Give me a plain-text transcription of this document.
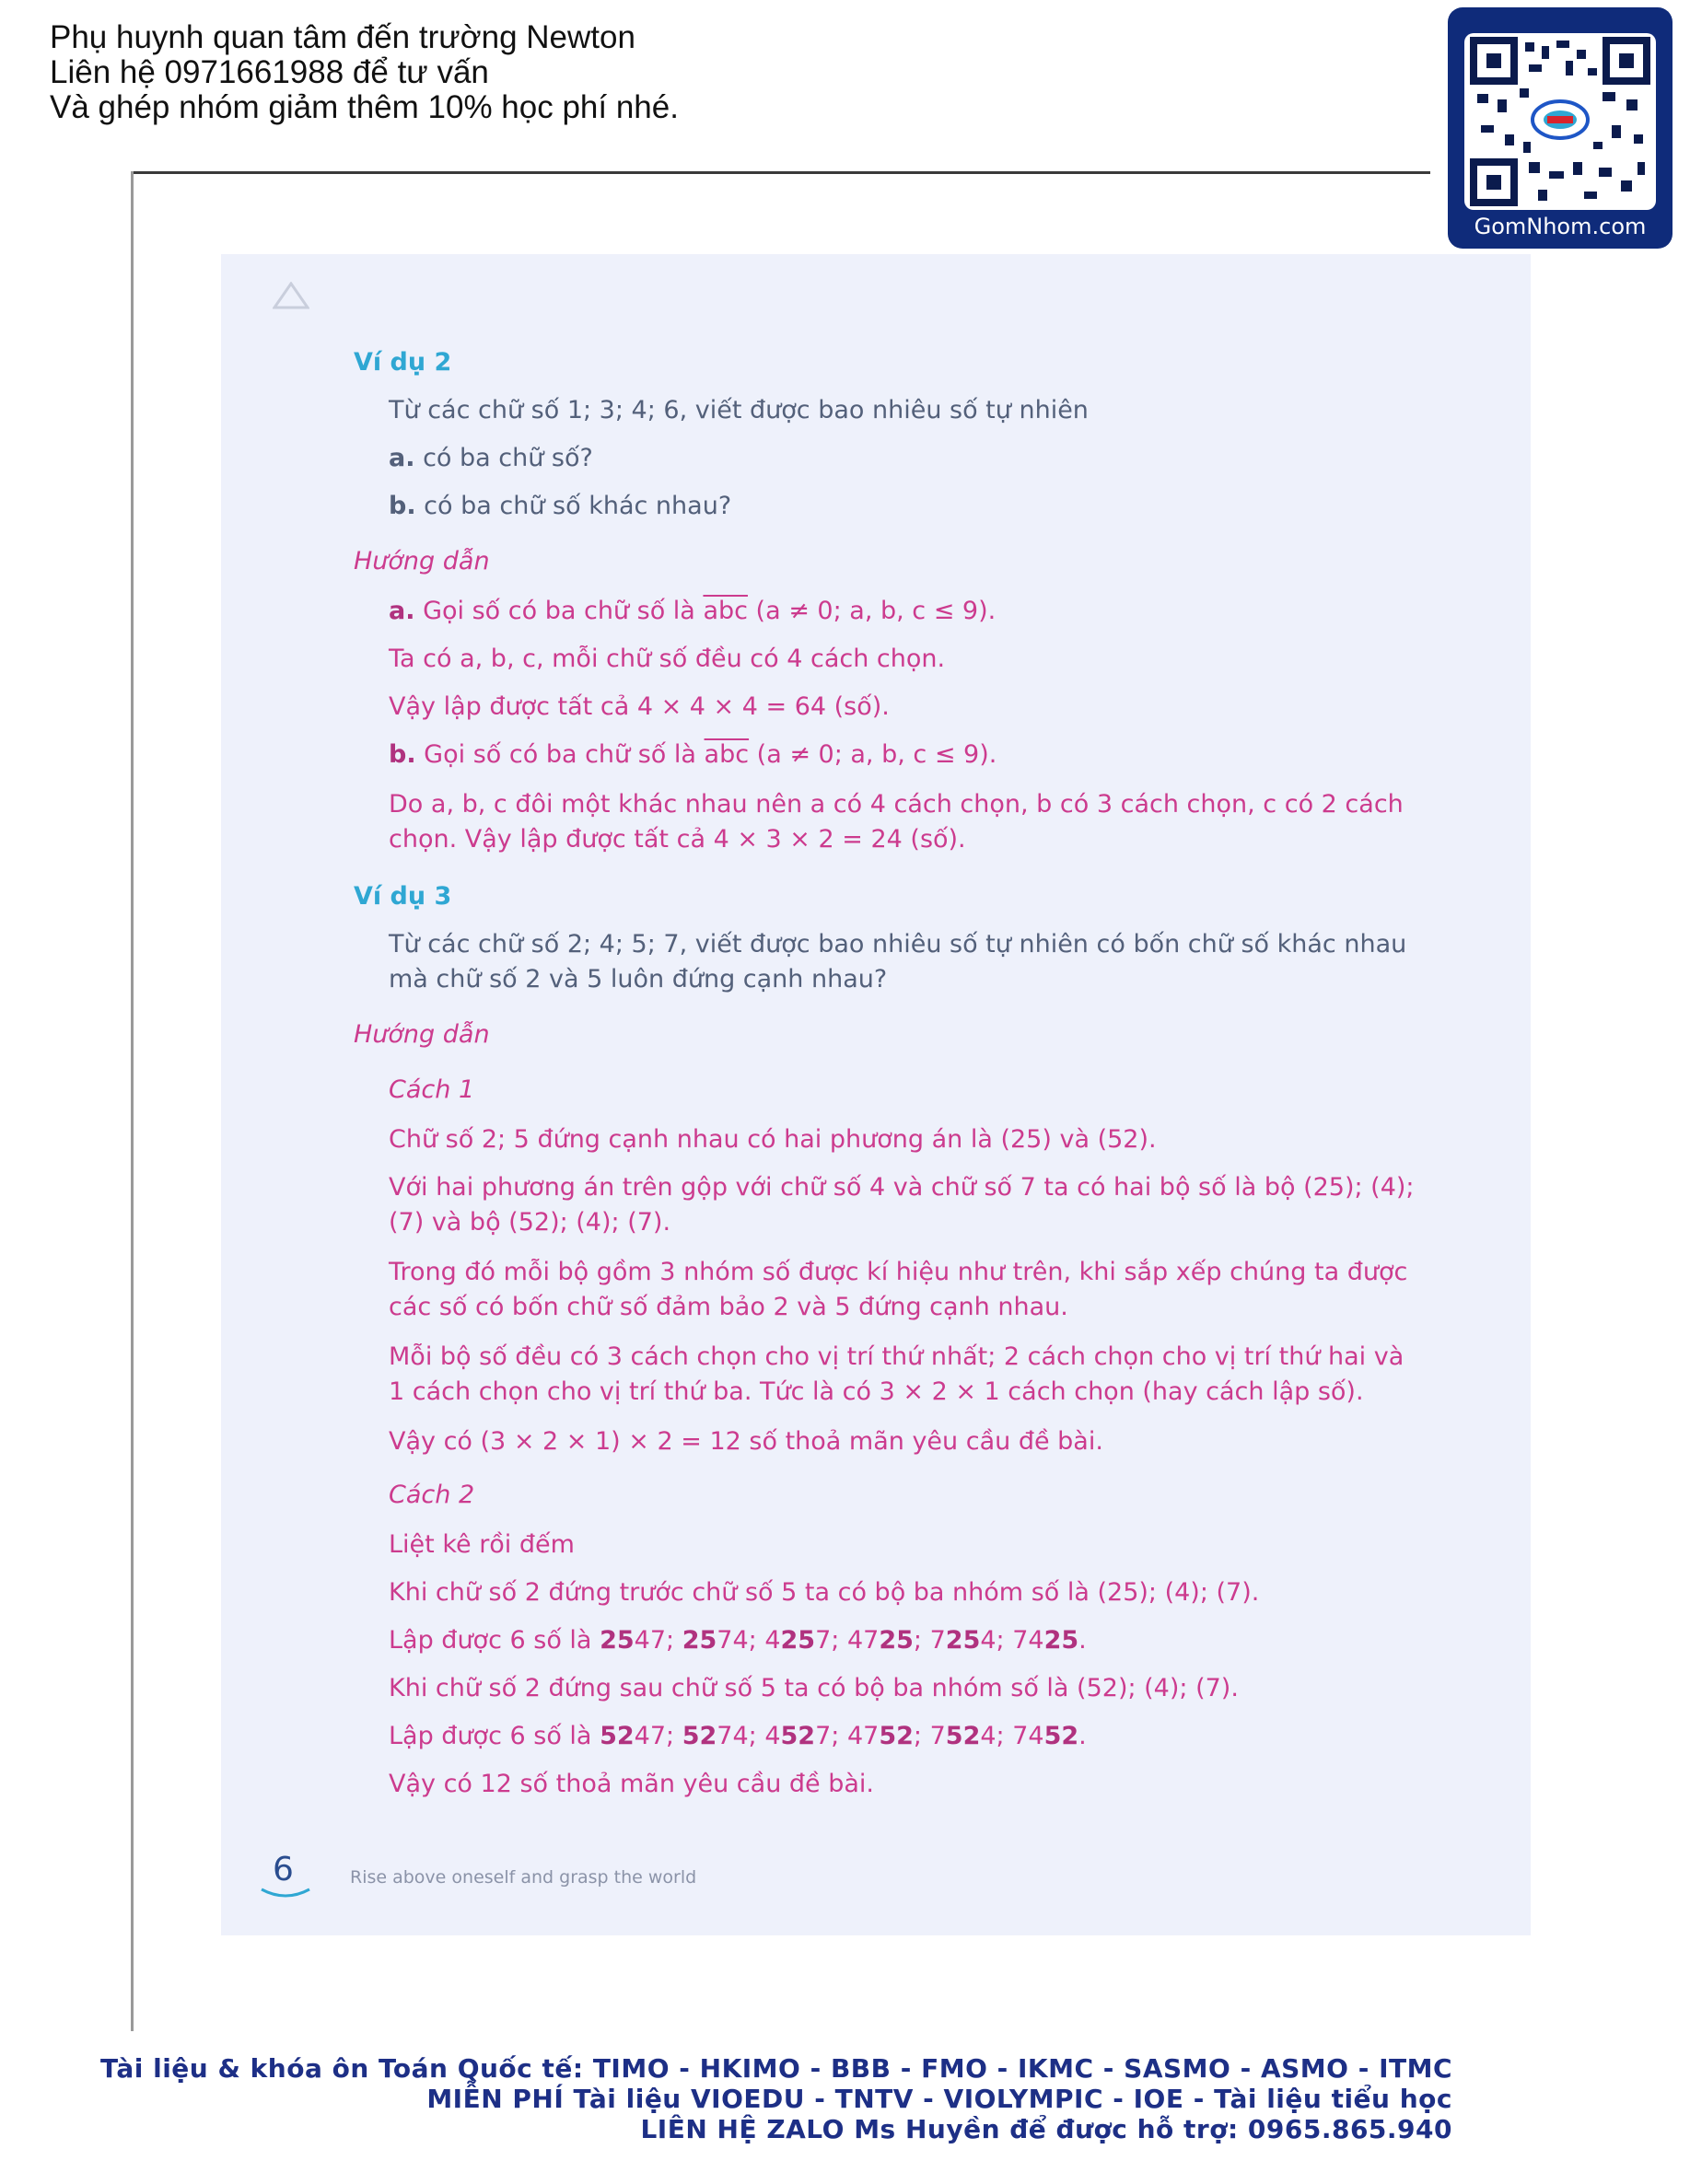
Phụ huynh quan tâm đến trường Newton
Liên hệ 0971661988 để tư vấn
Và ghép nhóm giảm thêm 10% học phí nhé.
GomNhom.com
Ví dụ 2
Từ các chữ số 1; 3; 4; 6, viết được bao nhiêu số tự nhiên
a. có ba chữ số?
b. có ba chữ số khác nhau?
Hướng dẫn
a. Gọi số có ba chữ số là $\overline{abc}$ (a ≠ 0; a, b, c ≤ 9).
Ta có a, b, c, mỗi chữ số đều có 4 cách chọn.
Vậy lập được tất cả 4 × 4 × 4 = 64 (số).
b. Gọi số có ba chữ số là $\overline{abc}$ (a ≠ 0; a, b, c ≤ 9).
Do a, b, c đôi một khác nhau nên a có 4 cách chọn, b có 3 cách chọn, c có 2 cách
chọn. Vậy lập được tất cả 4 × 3 × 2 = 24 (số).
Ví dụ 3
Từ các chữ số 2; 4; 5; 7, viết được bao nhiêu số tự nhiên có bốn chữ số khác nhau
mà chữ số 2 và 5 luôn đứng cạnh nhau?
Hướng dẫn
Cách 1
Chữ số 2; 5 đứng cạnh nhau có hai phương án là (25) và (52).
Với hai phương án trên gộp với chữ số 4 và chữ số 7 ta có hai bộ số là bộ (25); (4);
(7) và bộ (52); (4); (7).
Trong đó mỗi bộ gồm 3 nhóm số được kí hiệu như trên, khi sắp xếp chúng ta được
các số có bốn chữ số đảm bảo 2 và 5 đứng cạnh nhau.
Mỗi bộ số đều có 3 cách chọn cho vị trí thứ nhất; 2 cách chọn cho vị trí thứ hai và
1 cách chọn cho vị trí thứ ba. Tức là có 3 × 2 × 1 cách chọn (hay cách lập số).
Vậy có (3 × 2 × 1) × 2 = 12 số thoả mãn yêu cầu đề bài.
Cách 2
Liệt kê rồi đếm
Khi chữ số 2 đứng trước chữ số 5 ta có bộ ba nhóm số là (25); (4); (7).
Lập được 6 số là 2547; 2574; 4257; 4725; 7254; 7425.
Khi chữ số 2 đứng sau chữ số 5 ta có bộ ba nhóm số là (52); (4); (7).
Lập được 6 số là 5247; 5274; 4527; 4752; 7524; 7452.
Vậy có 12 số thoả mãn yêu cầu đề bài.
6	Rise above oneself and grasp the world
Tài liệu & khóa ôn Toán Quốc tế: TIMO - HKIMO - BBB - FMO - IKMC - SASMO - ASMO - ITMC
MIỄN PHÍ Tài liệu VIOEDU - TNTV - VIOLYMPIC - IOE - Tài liệu tiểu học
LIÊN HỆ ZALO Ms Huyền để được hỗ trợ: 0965.865.940
